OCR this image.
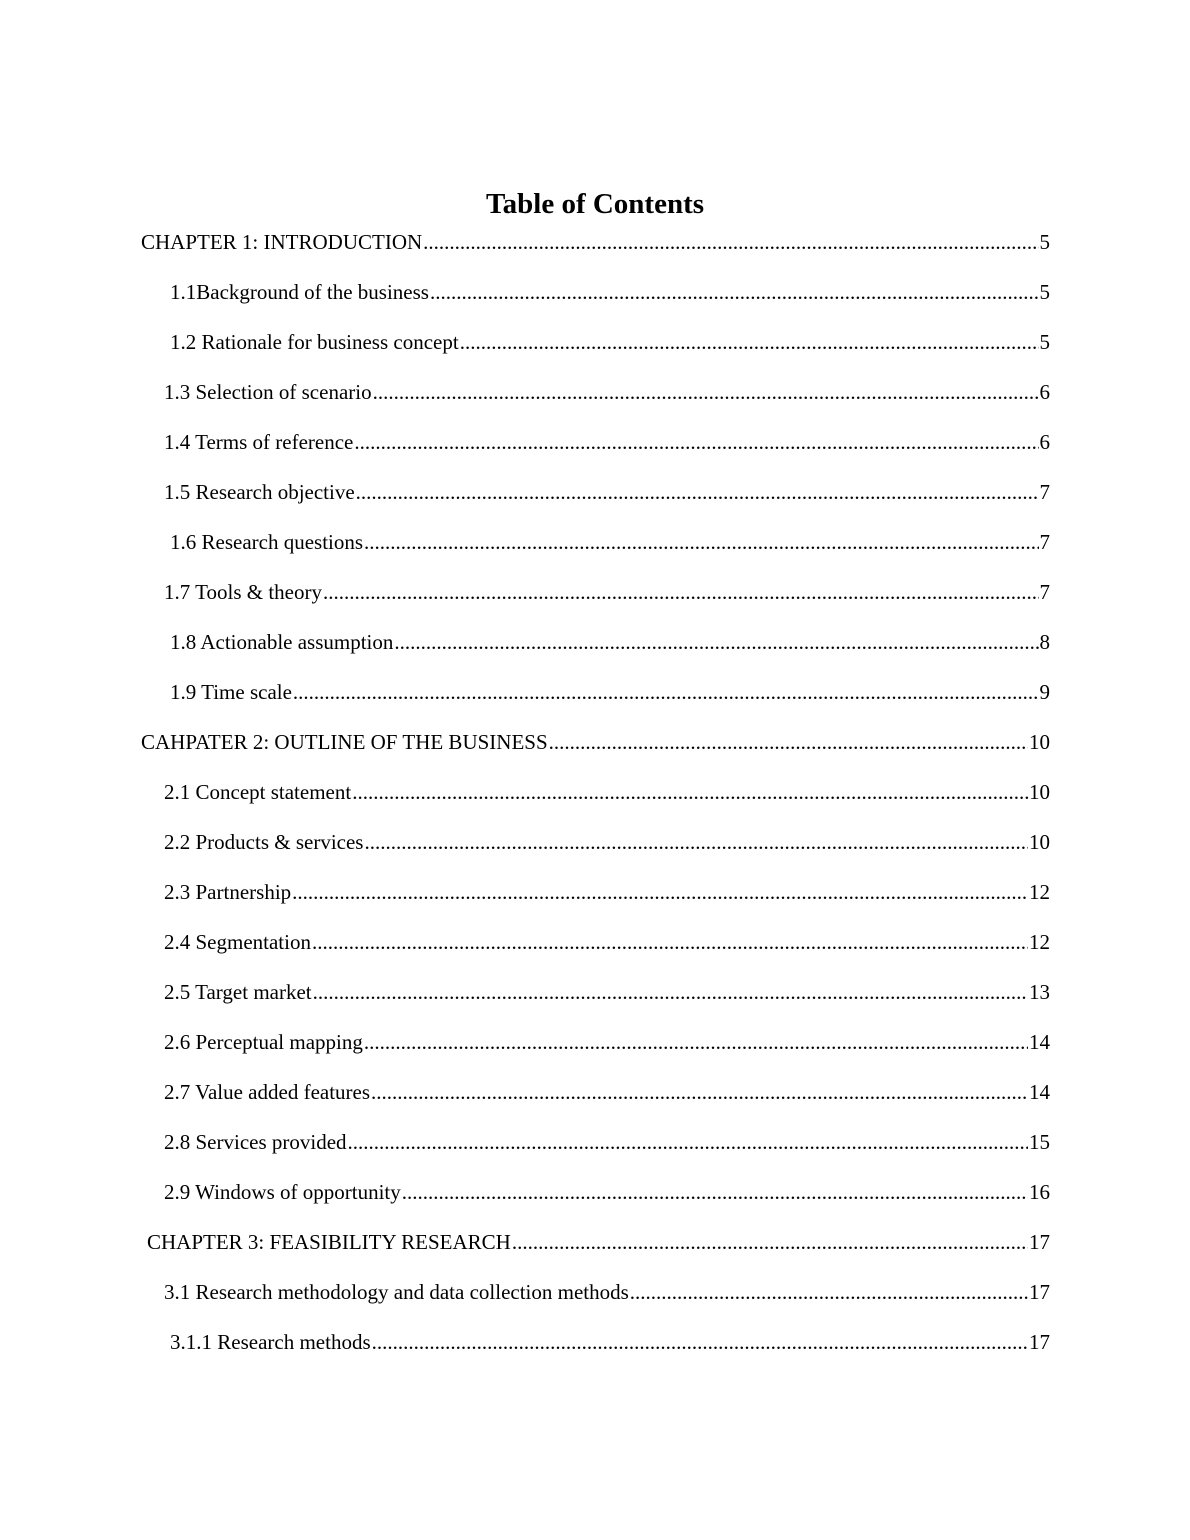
Table of Contents
CHAPTER 1: INTRODUCTION .....	5
1.1Background of the business .....	5
1.2 Rationale for business concept .....	5
1.3 Selection of scenario .....	6
1.4 Terms of reference .....	6
1.5 Research objective .....	7
1.6 Research questions .....	7
1.7 Tools & theory .....	7
1.8 Actionable assumption .....	8
1.9 Time scale .....	9
CAHPATER 2: OUTLINE OF THE BUSINESS .....	10
2.1 Concept statement .....	10
2.2 Products & services .....	10
2.3 Partnership .....	12
2.4 Segmentation .....	12
2.5 Target market .....	13
2.6 Perceptual mapping .....	14
2.7 Value added features .....	14
2.8 Services provided .....	15
2.9 Windows of opportunity .....	16
CHAPTER 3: FEASIBILITY RESEARCH .....	17
3.1 Research methodology and data collection methods .....	17
3.1.1 Research methods .....	17
